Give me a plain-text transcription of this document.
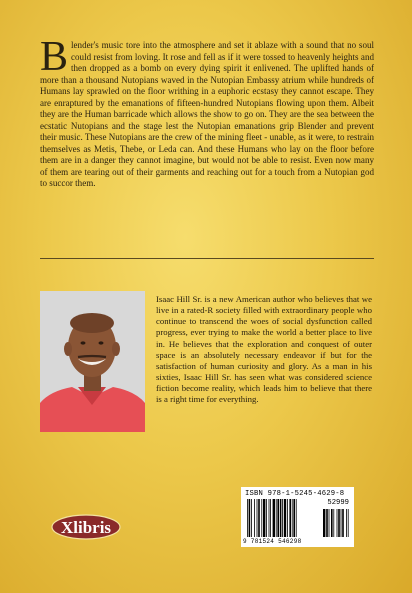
Blender's music tore into the atmosphere and set it ablaze with a sound that no soul could resist from loving. It rose and fell as if it were tossed to heavenly heights and then dropped as a bomb on every dying spirit it enlivened. The uplifted hands of more than a thousand Nutopians waved in the Nutopian Embassy atrium while hundreds of Humans lay sprawled on the floor writhing in a euphoric ecstasy they cannot escape. They are enraptured by the emanations of fifteen-hundred Nutopians flowing upon them. Albeit they are the Human barricade which allows the show to go on. They are the sea between the ecstatic Nutopians and the stage lest the Nutopian emanations grip Blender and prevent their music. These Nutopians are the crew of the mining fleet - unable, as it were, to restrain themselves as Metis, Thebe, or Leda can. And these Humans who lay on the floor before them are in a danger they cannot imagine, but would not be able to resist. Even now many of them are tearing out of their garments and reaching out for a touch from a Nutopian god to succor them.

Isaac Hill Sr. is a new American author who believes that we live in a rated-R society filled with extraordinary people who continue to transcend the woes of social dysfunction called progress, ever trying to make the world a better place to live in. He believes that the exploration and conquest of outer space is an absolutely necessary endeavor if but for the satisfaction of human curiosity and glory. As a man in his sixties, Isaac Hill Sr. has seen what was considered science fiction become reality, which leads him to believe that there is a right time for everything.

ISBN 978-1-5245-4629-8
52999
9 781524 546298
Xlibris
